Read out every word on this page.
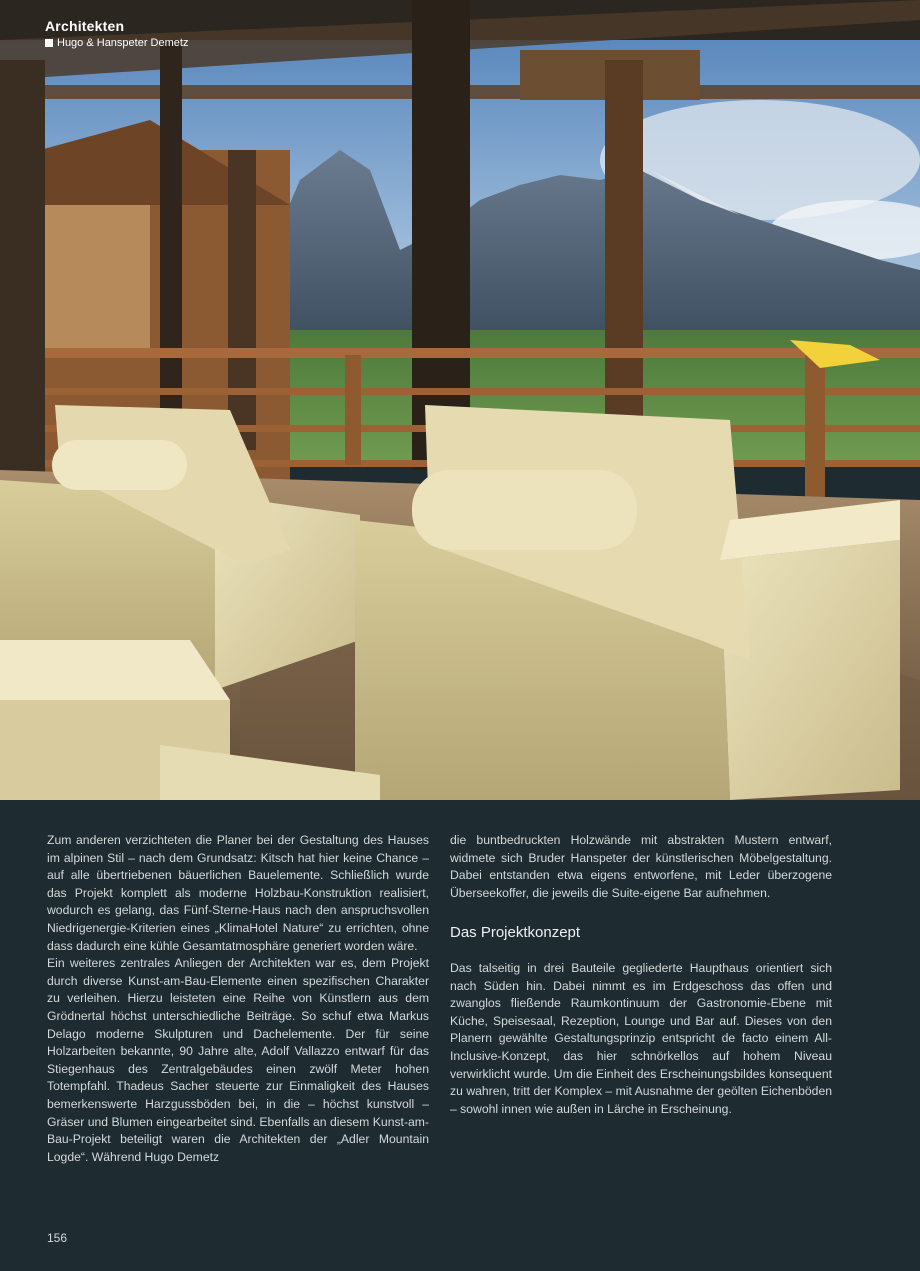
Architekten
Hugo & Hanspeter Demetz

Zum anderen verzichteten die Planer bei der Gestaltung des Hauses im alpinen Stil – nach dem Grundsatz: Kitsch hat hier keine Chance – auf alle übertriebenen bäuerlichen Bauelemente. Schließlich wurde das Projekt komplett als moderne Holzbau-Konstruktion realisiert, wodurch es gelang, das Fünf-Sterne-Haus nach den anspruchsvollen Niedrigenergie-Kriterien eines „KlimaHotel Nature“ zu errichten, ohne dass dadurch eine kühle Gesamtatmosphäre generiert worden wäre.

Ein weiteres zentrales Anliegen der Architekten war es, dem Projekt durch diverse Kunst-am-Bau-Elemente einen spezifischen Charakter zu verleihen. Hierzu leisteten eine Reihe von Künstlern aus dem Grödnertal höchst unterschiedliche Beiträge. So schuf etwa Markus Delago moderne Skulpturen und Dachelemente. Der für seine Holzarbeiten bekannte, 90 Jahre alte, Adolf Vallazzo entwarf für das Stiegenhaus des Zentralgebäudes einen zwölf Meter hohen Totempfahl. Thadeus Sacher steuerte zur Einmaligkeit des Hauses bemerkenswerte Harzgussböden bei, in die – höchst kunstvoll – Gräser und Blumen eingearbeitet sind. Ebenfalls an diesem Kunst-am-Bau-Projekt beteiligt waren die Architekten der „Adler Mountain Logde“. Während Hugo Demetz

die buntbedruckten Holzwände mit abstrakten Mustern entwarf, widmete sich Bruder Hanspeter der künstlerischen Möbelgestaltung. Dabei entstanden etwa eigens entworfene, mit Leder überzogene Überseekoffer, die jeweils die Suite-eigene Bar aufnehmen.

Das Projektkonzept

Das talseitig in drei Bauteile gegliederte Haupthaus orientiert sich nach Süden hin. Dabei nimmt es im Erdgeschoss das offen und zwanglos fließende Raumkontinuum der Gastronomie-Ebene mit Küche, Speisesaal, Rezeption, Lounge und Bar auf. Dieses von den Planern gewählte Gestaltungsprinzip entspricht de facto einem All-Inclusive-Konzept, das hier schnörkellos auf hohem Niveau verwirklicht wurde. Um die Einheit des Erscheinungsbildes konsequent zu wahren, tritt der Komplex – mit Ausnahme der geölten Eichenböden – sowohl innen wie außen in Lärche in Erscheinung.

156
